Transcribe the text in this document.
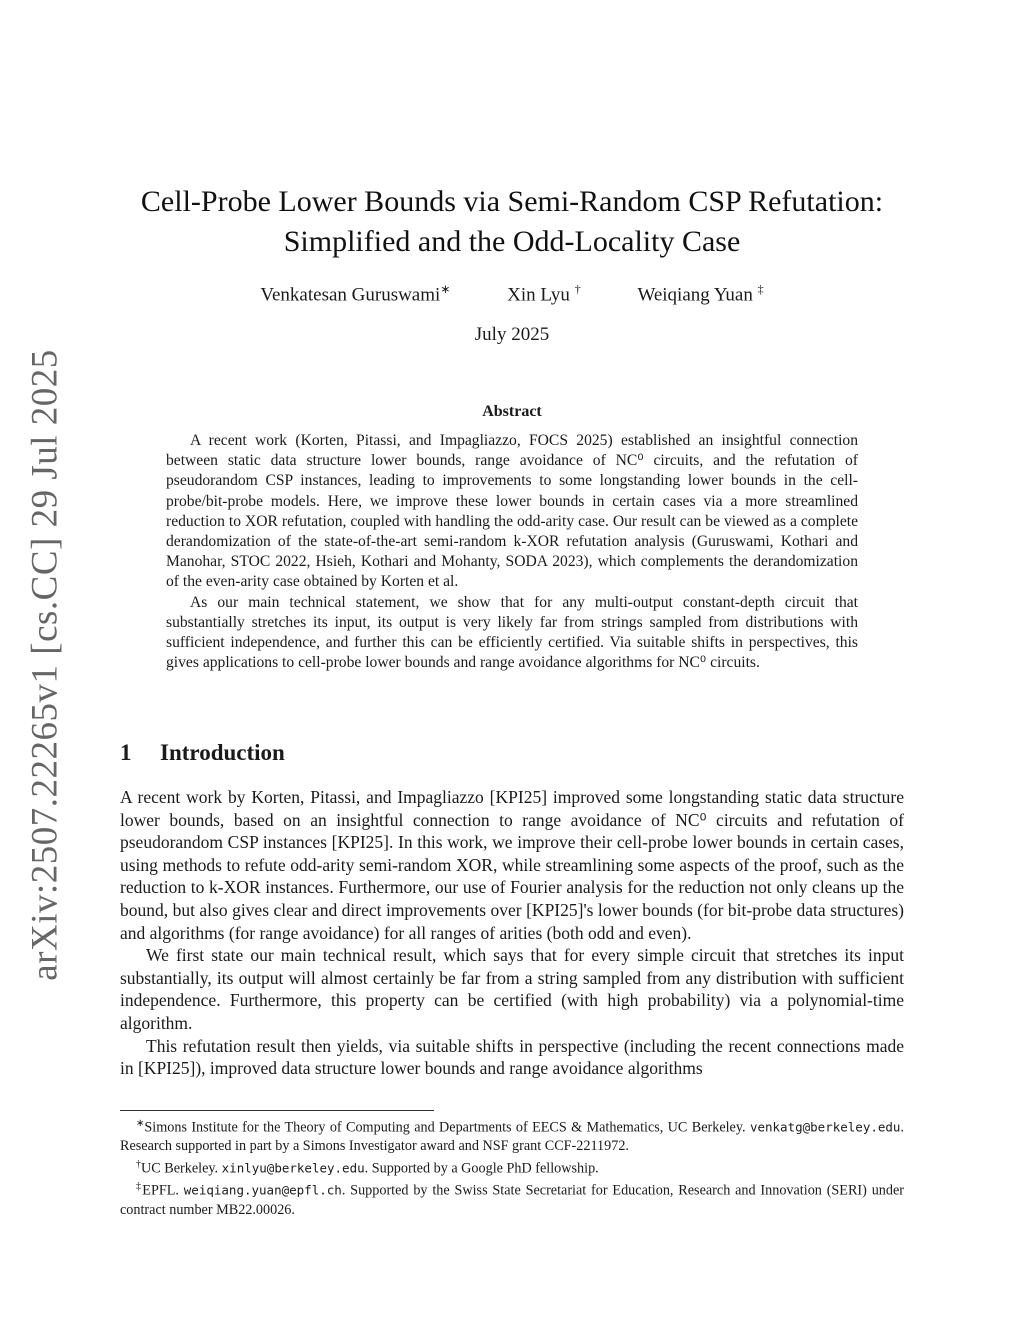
arXiv:2507.22265v1 [cs.CC] 29 Jul 2025
Cell-Probe Lower Bounds via Semi-Random CSP Refutation:
Simplified and the Odd-Locality Case
Venkatesan Guruswami∗	Xin Lyu †	Weiqiang Yuan ‡
July 2025
Abstract

A recent work (Korten, Pitassi, and Impagliazzo, FOCS 2025) established an insightful connection between static data structure lower bounds, range avoidance of NC⁰ circuits, and the refutation of pseudorandom CSP instances, leading to improvements to some longstanding lower bounds in the cell-probe/bit-probe models. Here, we improve these lower bounds in certain cases via a more streamlined reduction to XOR refutation, coupled with handling the odd-arity case. Our result can be viewed as a complete derandomization of the state-of-the-art semi-random k-XOR refutation analysis (Guruswami, Kothari and Manohar, STOC 2022, Hsieh, Kothari and Mohanty, SODA 2023), which complements the derandomization of the even-arity case obtained by Korten et al.

As our main technical statement, we show that for any multi-output constant-depth circuit that substantially stretches its input, its output is very likely far from strings sampled from distributions with sufficient independence, and further this can be efficiently certified. Via suitable shifts in perspectives, this gives applications to cell-probe lower bounds and range avoidance algorithms for NC⁰ circuits.

1 Introduction

A recent work by Korten, Pitassi, and Impagliazzo [KPI25] improved some longstanding static data structure lower bounds, based on an insightful connection to range avoidance of NC⁰ circuits and refutation of pseudorandom CSP instances [KPI25]. In this work, we improve their cell-probe lower bounds in certain cases, using methods to refute odd-arity semi-random XOR, while streamlining some aspects of the proof, such as the reduction to k-XOR instances. Furthermore, our use of Fourier analysis for the reduction not only cleans up the bound, but also gives clear and direct improvements over [KPI25]'s lower bounds (for bit-probe data structures) and algorithms (for range avoidance) for all ranges of arities (both odd and even).

We first state our main technical result, which says that for every simple circuit that stretches its input substantially, its output will almost certainly be far from a string sampled from any distribution with sufficient independence. Furthermore, this property can be certified (with high probability) via a polynomial-time algorithm.

This refutation result then yields, via suitable shifts in perspective (including the recent connections made in [KPI25]), improved data structure lower bounds and range avoidance algorithms

∗Simons Institute for the Theory of Computing and Departments of EECS & Mathematics, UC Berkeley. venkatg@berkeley.edu. Research supported in part by a Simons Investigator award and NSF grant CCF-2211972.

†UC Berkeley. xinlyu@berkeley.edu. Supported by a Google PhD fellowship.

‡EPFL. weiqiang.yuan@epfl.ch. Supported by the Swiss State Secretariat for Education, Research and Innovation (SERI) under contract number MB22.00026.
